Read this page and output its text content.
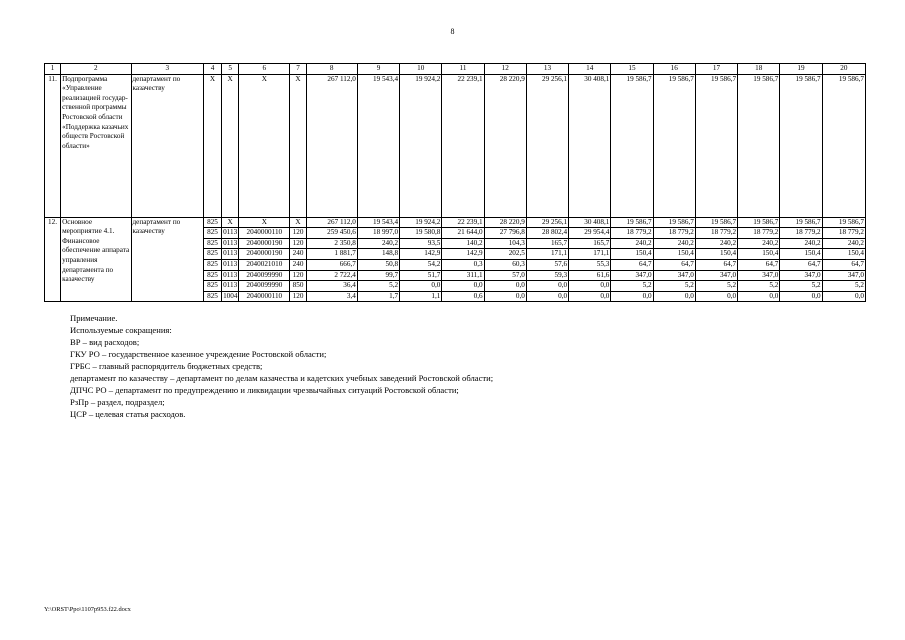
8
1	2	3	4	5	6	7	8	9	10	11	12	13	14	15	16	17	18	19	20
11.	Подпрограмма «Управление реализацией государ-ственной программы Ростовской области «Поддержка казачьих обществ Ростовской области»	департамент по казачеству	Х	Х	Х	Х	267 112,0	19 543,4	19 924,2	22 239,1	28 220,9	29 256,1	30 408,1	19 586,7	19 586,7	19 586,7	19 586,7	19 586,7	19 586,7
12.	Основное мероприятие 4.1. Финансовое обеспечение аппарата управления департамента по казачеству	департамент по казачеству	825	Х	Х	Х	267 112,0	19 543,4	19 924,2	22 239,1	28 220,9	29 256,1	30 408,1	19 586,7	19 586,7	19 586,7	19 586,7	19 586,7	19 586,7
			825	0113	2040000110	120	259 450,6	18 997,0	19 580,8	21 644,0	27 796,8	28 802,4	29 954,4	18 779,2	18 779,2	18 779,2	18 779,2	18 779,2	18 779,2
			825	0113	2040000190	120	2 350,8	240,2	93,5	140,2	104,3	165,7	165,7	240,2	240,2	240,2	240,2	240,2	240,2
			825	0113	2040000190	240	1 881,7	148,8	142,9	142,9	202,5	171,1	171,1	150,4	150,4	150,4	150,4	150,4	150,4
			825	0113	2040021010	240	666,7	50,8	54,2	0,3	60,3	57,6	55,3	64,7	64,7	64,7	64,7	64,7	64,7
			825	0113	2040099990	120	2 722,4	99,7	51,7	311,1	57,0	59,3	61,6	347,0	347,0	347,0	347,0	347,0	347,0
			825	0113	2040099990	850	36,4	5,2	0,0	0,0	0,0	0,0	0,0	5,2	5,2	5,2	5,2	5,2	5,2
			825	1004	2040000110	120	3,4	1,7	1,1	0,6	0,0	0,0	0,0	0,0	0,0	0,0	0,0	0,0	0,0
Примечание.
Используемые сокращения:
ВР – вид расходов;
ГКУ РО – государственное казенное учреждение Ростовской области;
ГРБС – главный распорядитель бюджетных средств;
департамент по казачеству – департамент по делам казачества и кадетских учебных заведений Ростовской области;
ДПЧС РО – департамент по предупреждению и ликвидации чрезвычайных ситуаций Ростовской области;
РзПр – раздел, подраздел;
ЦСР – целевая статья расходов.
Y:\ORST\Ppo\1107p953.f22.docx
